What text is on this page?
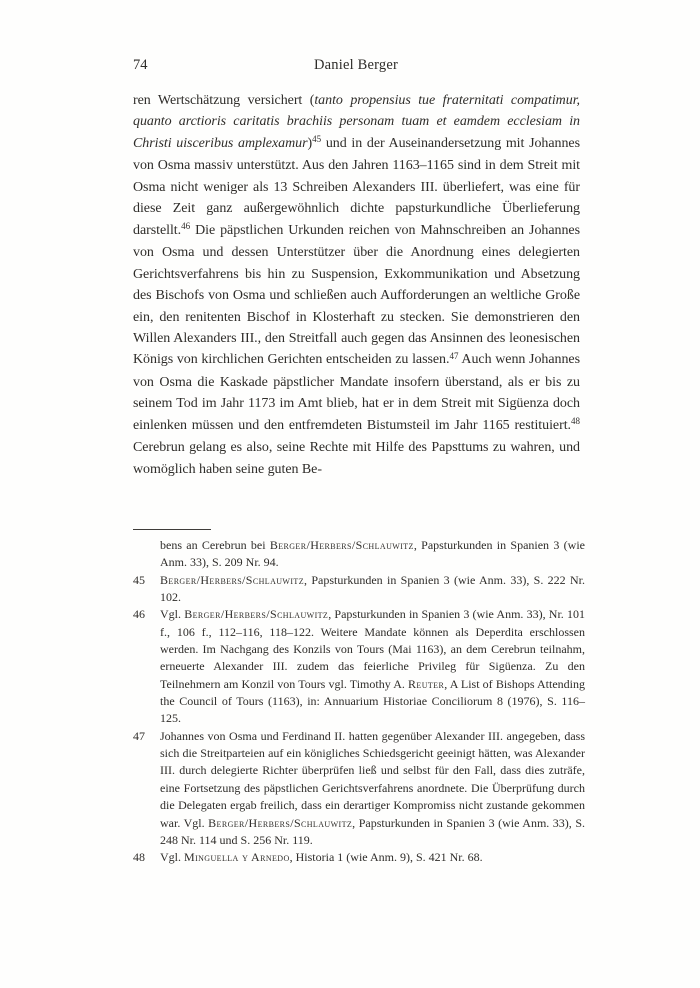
74	Daniel Berger

ren Wertschätzung versichert (tanto propensius tue fraternitati compatimur, quanto arctioris caritatis brachiis personam tuam et eamdem ecclesiam in Christi uisceribus amplexamur)$^{45}$ und in der Auseinandersetzung mit Johannes von Osma massiv unterstützt. Aus den Jahren 1163–1165 sind in dem Streit mit Osma nicht weniger als 13 Schreiben Alexanders III. überliefert, was eine für diese Zeit ganz außergewöhnlich dichte papsturkundliche Überlieferung darstellt.$^{46}$ Die päpstlichen Urkunden reichen von Mahnschreiben an Johannes von Osma und dessen Unterstützer über die Anordnung eines delegierten Gerichtsverfahrens bis hin zu Suspension, Exkommunikation und Absetzung des Bischofs von Osma und schließen auch Aufforderungen an weltliche Große ein, den renitenten Bischof in Klosterhaft zu stecken. Sie demonstrieren den Willen Alexanders III., den Streitfall auch gegen das Ansinnen des leonesischen Königs von kirchlichen Gerichten entscheiden zu lassen.$^{47}$ Auch wenn Johannes von Osma die Kaskade päpstlicher Mandate insofern überstand, als er bis zu seinem Tod im Jahr 1173 im Amt blieb, hat er in dem Streit mit Sigüenza doch einlenken müssen und den entfremdeten Bistumsteil im Jahr 1165 restituiert.$^{48}$ Cerebrun gelang es also, seine Rechte mit Hilfe des Papsttums zu wahren, und womöglich haben seine guten Be-

bens an Cerebrun bei Berger/Herbers/Schlauwitz, Papsturkunden in Spanien 3 (wie Anm. 33), S. 209 Nr. 94.
45	Berger/Herbers/Schlauwitz, Papsturkunden in Spanien 3 (wie Anm. 33), S. 222 Nr. 102.
46	Vgl. Berger/Herbers/Schlauwitz, Papsturkunden in Spanien 3 (wie Anm. 33), Nr. 101 f., 106 f., 112–116, 118–122. Weitere Mandate können als Deperdita erschlossen werden. Im Nachgang des Konzils von Tours (Mai 1163), an dem Cerebrun teilnahm, erneuerte Alexander III. zudem das feierliche Privileg für Sigüenza. Zu den Teilnehmern am Konzil von Tours vgl. Timothy A. Reuter, A List of Bishops Attending the Council of Tours (1163), in: Annuarium Historiae Conciliorum 8 (1976), S. 116–125.
47	Johannes von Osma und Ferdinand II. hatten gegenüber Alexander III. angegeben, dass sich die Streitparteien auf ein königliches Schiedsgericht geeinigt hätten, was Alexander III. durch delegierte Richter überprüfen ließ und selbst für den Fall, dass dies zuträfe, eine Fortsetzung des päpstlichen Gerichtsverfahrens anordnete. Die Überprüfung durch die Delegaten ergab freilich, dass ein derartiger Kompromiss nicht zustande gekommen war. Vgl. Berger/Herbers/Schlauwitz, Papsturkunden in Spanien 3 (wie Anm. 33), S. 248 Nr. 114 und S. 256 Nr. 119.
48	Vgl. Minguella y Arnedo, Historia 1 (wie Anm. 9), S. 421 Nr. 68.
